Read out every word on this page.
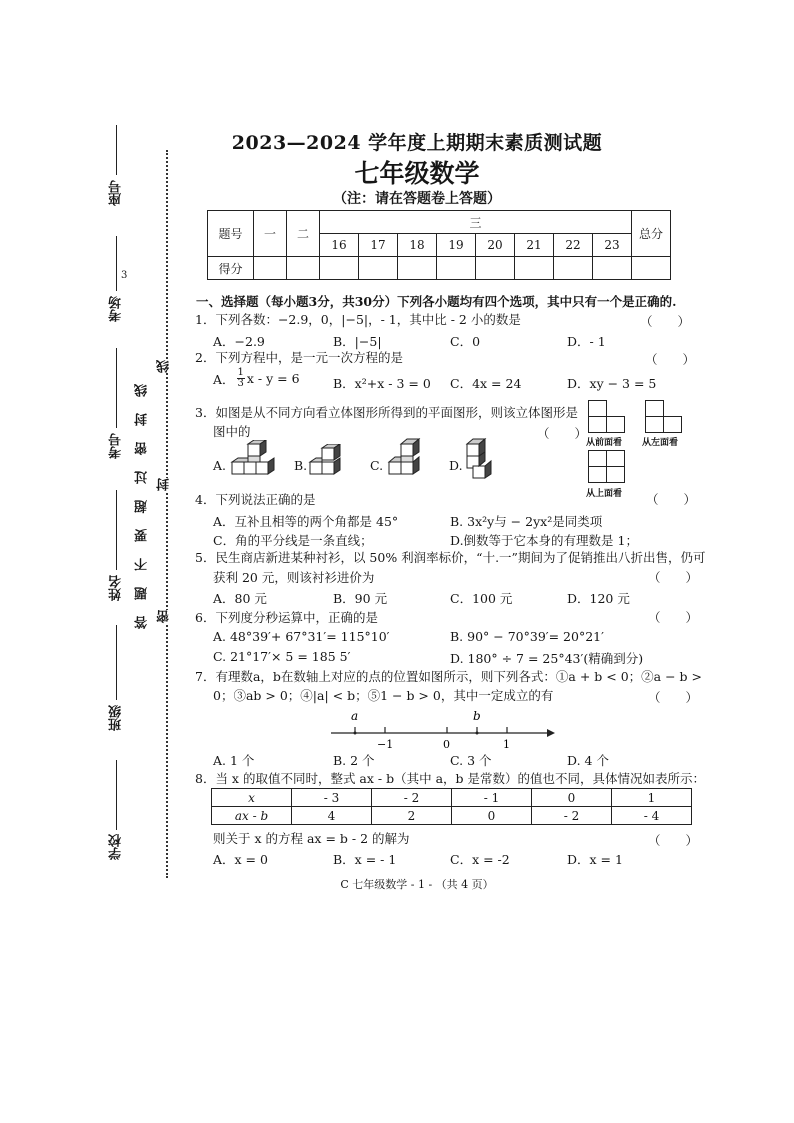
座号
考场
3
考号
姓名
班级
学校
答题不要超过密封线
线
封
密
2023—2024 学年度上期期末素质测试题
七年级数学
（注：请在答题卷上答题）
题号	一	二	三								总分
			16	17	18	19	20	21	22	23	
得分											
一、选择题（每小题3分，共30分）下列各小题均有四个选项，其中只有一个是正确的.
1．下列各数：−2.9，0，|−5|，- 1，其中比 - 2 小的数是	（　　）
A．−2.9	B．|−5|	C．0	D．- 1
2．下列方程中，是一元一次方程的是	（　　）
A． $\frac{1}{3}$ x - y = 6	B．x²+x - 3 = 0 C．4x = 24	D．xy − 3 = 5
3．如图是从不同方向看立体图形所得到的平面图形，则该立体图形是
图中的	（　　）
从前面看 从左面看
从上面看
A.	B.	C.	D.
4．下列说法正确的是	（　　）
A．互补且相等的两个角都是 45°	B. 3x²y与 − 2yx²是同类项
C．角的平分线是一条直线；	D.倒数等于它本身的有理数是 1；
5．民生商店新进某种衬衫，以 50% 利润率标价，“十.一”期间为了促销推出八折出售，仍可
获利 20 元，则该衬衫进价为	（　　）
A．80 元	B．90 元	C．100 元	D．120 元
6．下列度分秒运算中，正确的是	（　　）
A. 48°39′+ 67°31′= 115°10′	B. 90° − 70°39′= 20°21′
C. 21°17′× 5 = 185 5′	D. 180° ÷ 7 = 25°43′(精确到分)
7．有理数a，b在数轴上对应的点的位置如图所示，则下列各式：①a + b < 0；②a − b >
0；③ab > 0；④|a| < b；⑤1 − b > 0，其中一定成立的有	（　　）
a	b
−1	0	1
A. 1 个	B. 2 个	C. 3 个	D. 4 个
8．当 x 的取值不同时，整式 ax - b（其中 a，b 是常数）的值也不同，具体情况如表所示：
x	- 3	- 2	- 1	0	1
ax - b	4	2	0	- 2	- 4
则关于 x 的方程 ax = b - 2 的解为	（　　）
A．x = 0	B．x = - 1	C．x = -2	D．x = 1
C 七年级数学 - 1 - （共 4 页）
